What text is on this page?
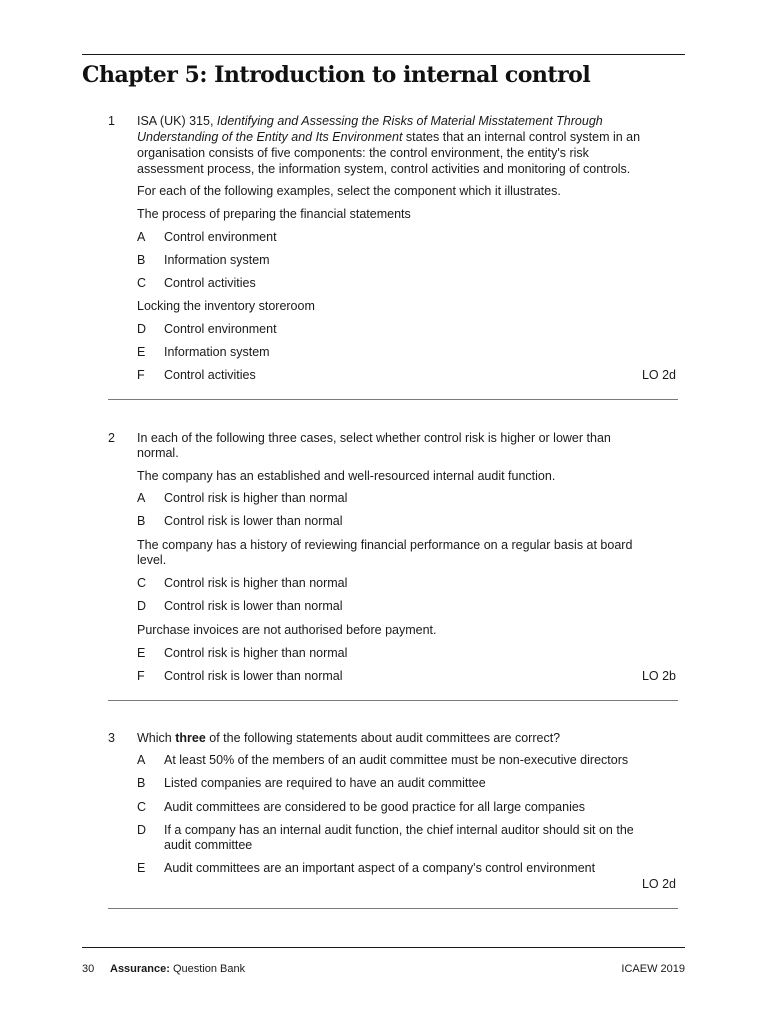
Chapter 5: Introduction to internal control
1 ISA (UK) 315, Identifying and Assessing the Risks of Material Misstatement Through
Understanding of the Entity and Its Environment states that an internal control system in an
organisation consists of five components: the control environment, the entity's risk
assessment process, the information system, control activities and monitoring of controls.
For each of the following examples, select the component which it illustrates.
The process of preparing the financial statements
A Control environment
B Information system
C Control activities
Locking the inventory storeroom
D Control environment
E Information system
F Control activities	LO 2d
2 In each of the following three cases, select whether control risk is higher or lower than
normal.
The company has an established and well-resourced internal audit function.
A Control risk is higher than normal
B Control risk is lower than normal
The company has a history of reviewing financial performance on a regular basis at board
level.
C Control risk is higher than normal
D Control risk is lower than normal
Purchase invoices are not authorised before payment.
E Control risk is higher than normal
F Control risk is lower than normal	LO 2b
3 Which three of the following statements about audit committees are correct?
A At least 50% of the members of an audit committee must be non-executive directors
B Listed companies are required to have an audit committee
C Audit committees are considered to be good practice for all large companies
D If a company has an internal audit function, the chief internal auditor should sit on the
audit committee
E Audit committees are an important aspect of a company's control environment
LO 2d
30 Assurance: Question Bank	ICAEW 2019
